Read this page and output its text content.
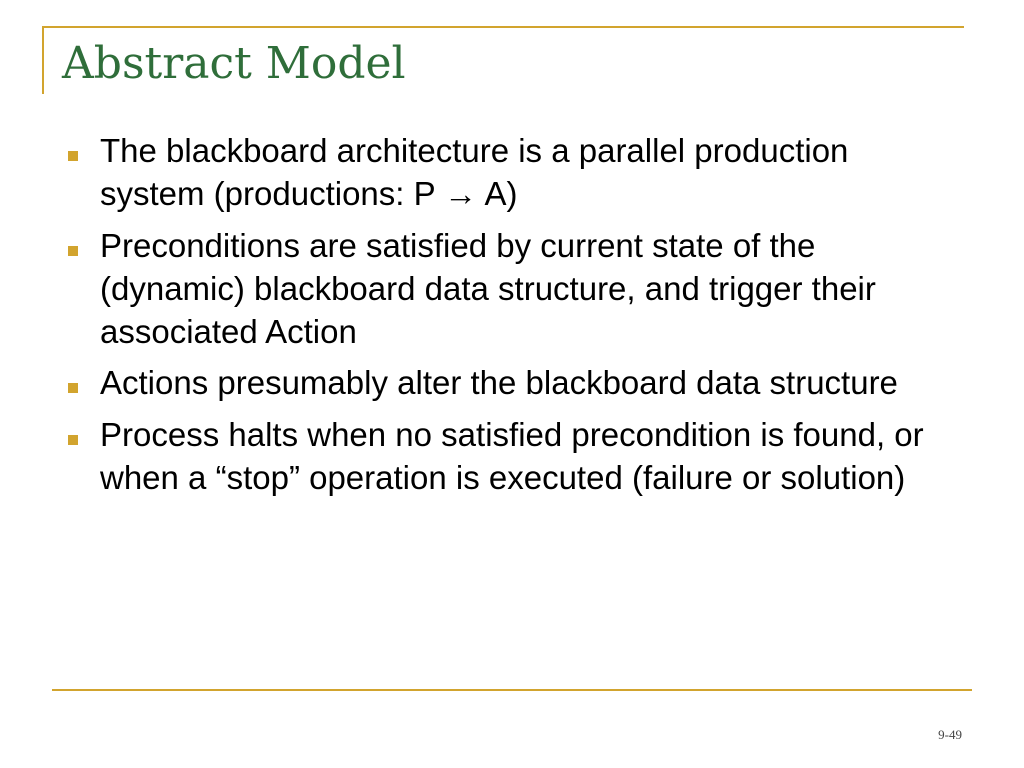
Abstract Model
The blackboard architecture is a parallel production system (productions: P → A)
Preconditions are satisfied by current state of the (dynamic) blackboard data structure, and trigger their associated Action
Actions presumably alter the blackboard data structure
Process halts when no satisfied precondition is found, or when a “stop” operation is executed (failure or solution)
9-49
